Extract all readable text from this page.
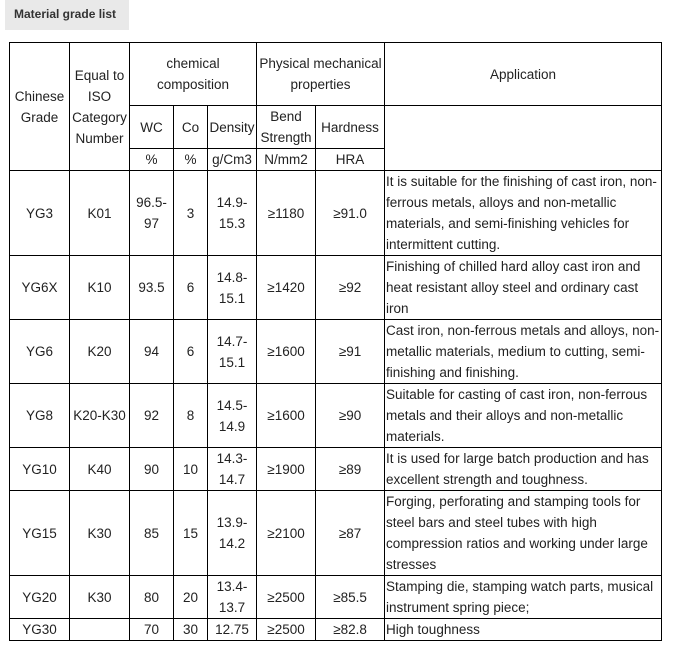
Material grade list
Chinese Grade	Equal to ISO Category Number	chemical composition			Physical mechanical properties		Application
		WC	Co	Density	Bend Strength	Hardness	
		%	%	g/Cm3	N/mm2	HRA	
YG3	K01	96.5-97	3	14.9-15.3	≥1180	≥91.0	It is suitable for the finishing of cast iron, non-ferrous metals, alloys and non-metallic materials, and semi-finishing vehicles for intermittent cutting.
YG6X	K10	93.5	6	14.8-15.1	≥1420	≥92	Finishing of chilled hard alloy cast iron and heat resistant alloy steel and ordinary cast iron
YG6	K20	94	6	14.7-15.1	≥1600	≥91	Cast iron, non-ferrous metals and alloys, non-metallic materials, medium to cutting, semi-finishing and finishing.
YG8	K20-K30	92	8	14.5-14.9	≥1600	≥90	Suitable for casting of cast iron, non-ferrous metals and their alloys and non-metallic materials.
YG10	K40	90	10	14.3-14.7	≥1900	≥89	It is used for large batch production and has excellent strength and toughness.
YG15	K30	85	15	13.9-14.2	≥2100	≥87	Forging, perforating and stamping tools for steel bars and steel tubes with high compression ratios and working under large stresses
YG20	K30	80	20	13.4-13.7	≥2500	≥85.5	Stamping die, stamping watch parts, musical instrument spring piece;
YG30		70	30	12.75	≥2500	≥82.8	High toughness
